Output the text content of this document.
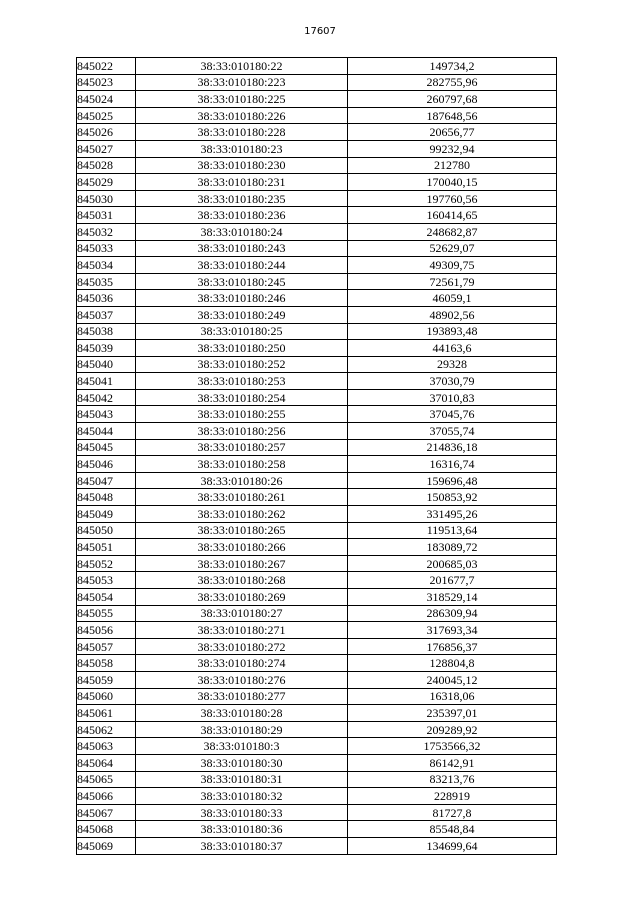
17607
845022	38:33:010180:22	149734,2
845023	38:33:010180:223	282755,96
845024	38:33:010180:225	260797,68
845025	38:33:010180:226	187648,56
845026	38:33:010180:228	20656,77
845027	38:33:010180:23	99232,94
845028	38:33:010180:230	212780
845029	38:33:010180:231	170040,15
845030	38:33:010180:235	197760,56
845031	38:33:010180:236	160414,65
845032	38:33:010180:24	248682,87
845033	38:33:010180:243	52629,07
845034	38:33:010180:244	49309,75
845035	38:33:010180:245	72561,79
845036	38:33:010180:246	46059,1
845037	38:33:010180:249	48902,56
845038	38:33:010180:25	193893,48
845039	38:33:010180:250	44163,6
845040	38:33:010180:252	29328
845041	38:33:010180:253	37030,79
845042	38:33:010180:254	37010,83
845043	38:33:010180:255	37045,76
845044	38:33:010180:256	37055,74
845045	38:33:010180:257	214836,18
845046	38:33:010180:258	16316,74
845047	38:33:010180:26	159696,48
845048	38:33:010180:261	150853,92
845049	38:33:010180:262	331495,26
845050	38:33:010180:265	119513,64
845051	38:33:010180:266	183089,72
845052	38:33:010180:267	200685,03
845053	38:33:010180:268	201677,7
845054	38:33:010180:269	318529,14
845055	38:33:010180:27	286309,94
845056	38:33:010180:271	317693,34
845057	38:33:010180:272	176856,37
845058	38:33:010180:274	128804,8
845059	38:33:010180:276	240045,12
845060	38:33:010180:277	16318,06
845061	38:33:010180:28	235397,01
845062	38:33:010180:29	209289,92
845063	38:33:010180:3	1753566,32
845064	38:33:010180:30	86142,91
845065	38:33:010180:31	83213,76
845066	38:33:010180:32	228919
845067	38:33:010180:33	81727,8
845068	38:33:010180:36	85548,84
845069	38:33:010180:37	134699,64
